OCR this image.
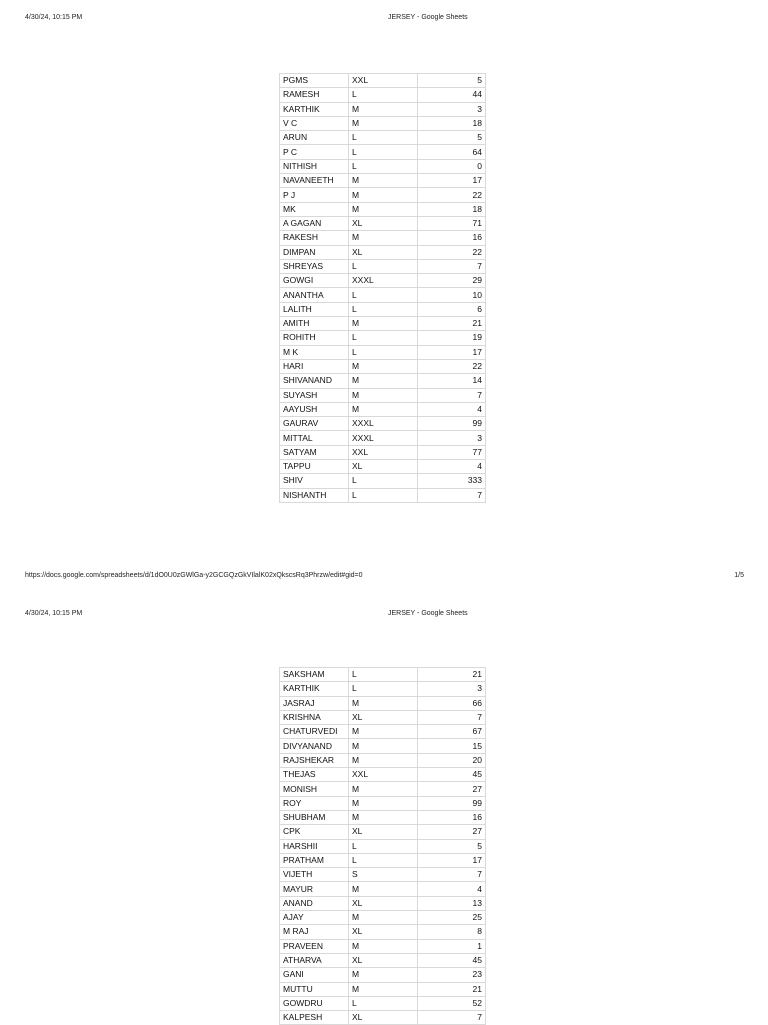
4/30/24, 10:15 PM	JERSEY - Google Sheets
PGMS	XXL	5
RAMESH	L	44
KARTHIK	M	3
V C	M	18
ARUN	L	5
P C	L	64
NITHISH	L	0
NAVANEETH	M	17
P J	M	22
MK	M	18
A GAGAN	XL	71
RAKESH	M	16
DIMPAN	XL	22
SHREYAS	L	7
GOWGI	XXXL	29
ANANTHA	L	10
LALITH	L	6
AMITH	M	21
ROHITH	L	19
M K	L	17
HARI	M	22
SHIVANAND	M	14
SUYASH	M	7
AAYUSH	M	4
GAURAV	XXXL	99
MITTAL	XXXL	3
SATYAM	XXL	77
TAPPU	XL	4
SHIV	L	333
NISHANTH	L	7
https://docs.google.com/spreadsheets/d/1dO0U0zGWlGa-y2GCGQzGkVIlalK02xQkscsRq3Phrzw/edit#gid=0	1/5
4/30/24, 10:15 PM	JERSEY - Google Sheets
SAKSHAM	L	21
KARTHIK	L	3
JASRAJ	M	66
KRISHNA	XL	7
CHATURVEDI	M	67
DIVYANAND	M	15
RAJSHEKAR	M	20
THEJAS	XXL	45
MONISH	M	27
ROY	M	99
SHUBHAM	M	16
CPK	XL	27
HARSHII	L	5
PRATHAM	L	17
VIJETH	S	7
MAYUR	M	4
ANAND	XL	13
AJAY	M	25
M RAJ	XL	8
PRAVEEN	M	1
ATHARVA	XL	45
GANI	M	23
MUTTU	M	21
GOWDRU	L	52
KALPESH	XL	7
